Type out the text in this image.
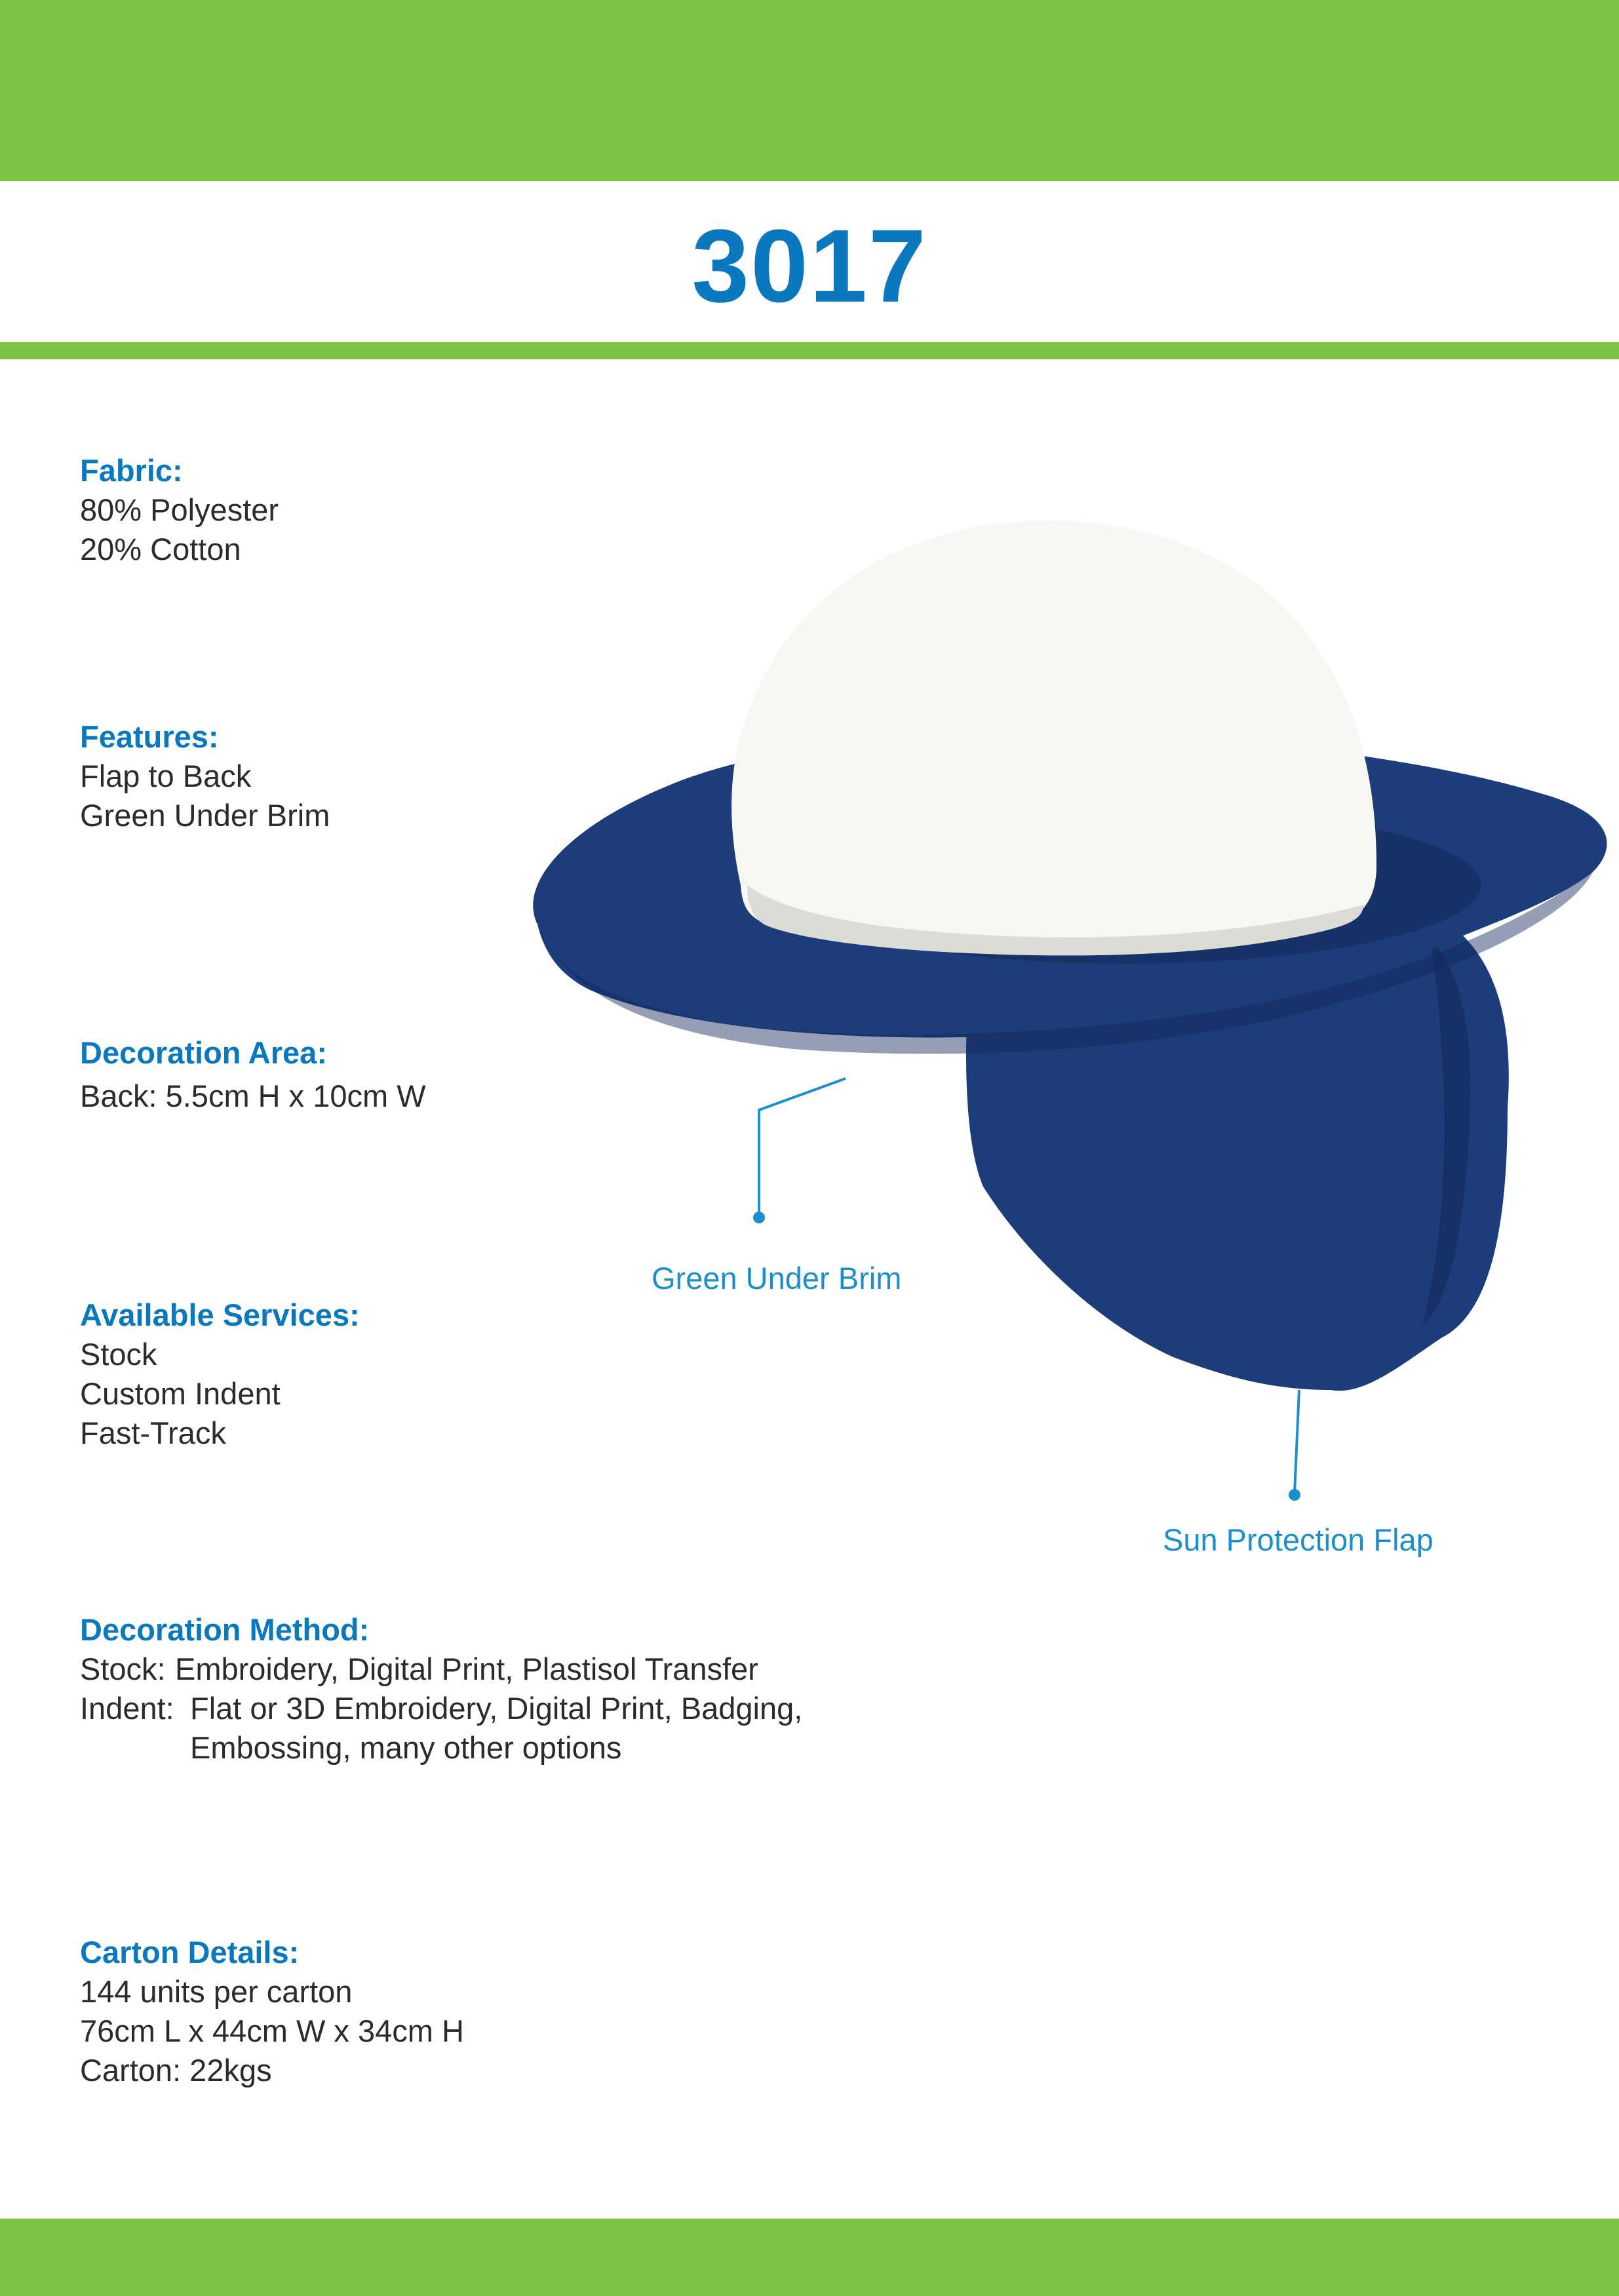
3017
Fabric:
80% Polyester
20% Cotton
Features:
Flap to Back
Green Under Brim
Decoration Area:
Back: 5.5cm H x 10cm W
Available Services:
Stock
Custom Indent
Fast-Track
Decoration Method:
Stock: Embroidery, Digital Print, Plastisol Transfer
Indent: Flat or 3D Embroidery, Digital Print, Badging,
Embossing, many other options
Carton Details:
144 units per carton
76cm L x 44cm W x 34cm H
Carton: 22kgs
Green Under Brim
Sun Protection Flap
